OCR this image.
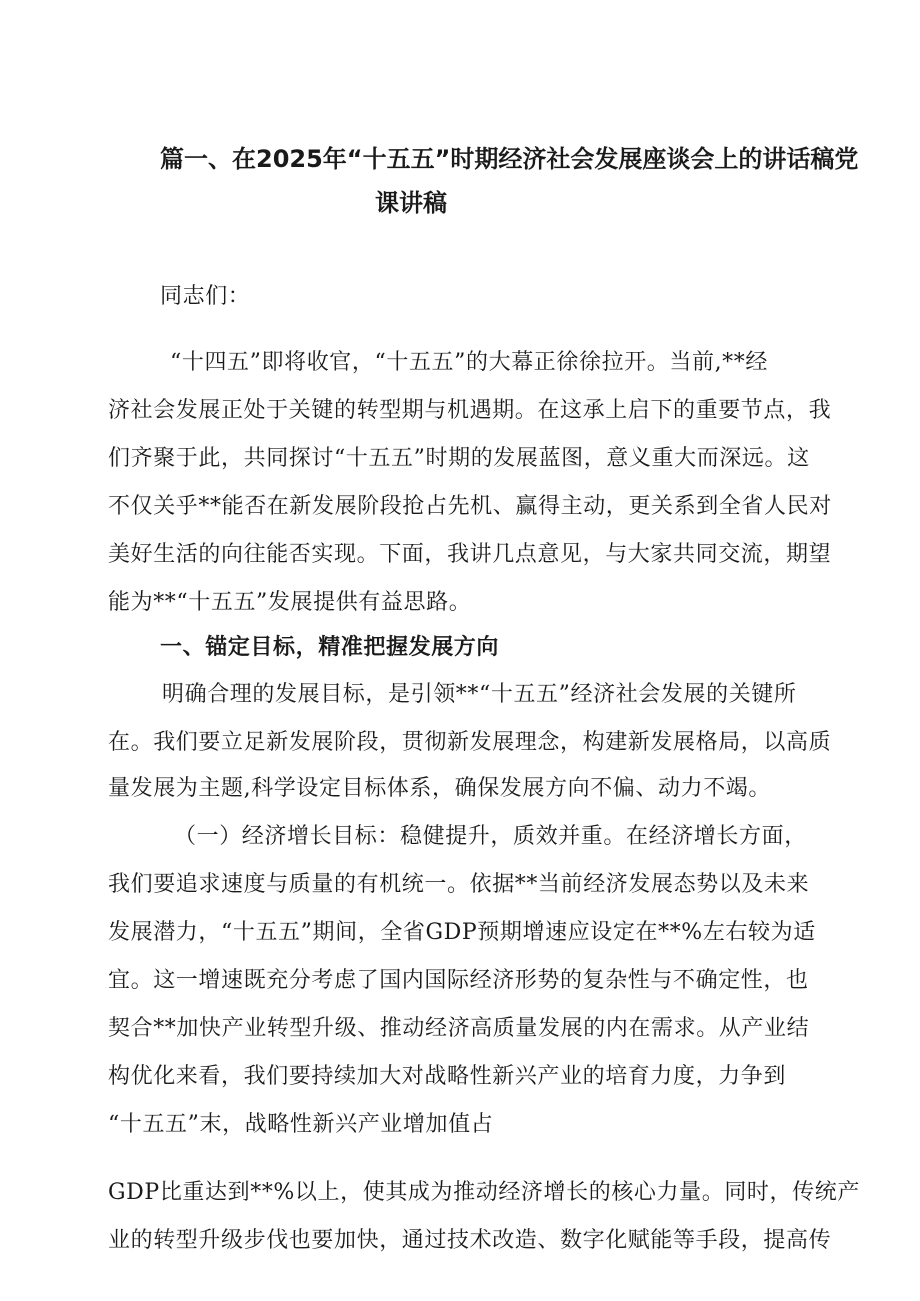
篇一、在2025年“十五五”时期经济社会发展座谈会上的讲话稿党
课讲稿
同志们：
“十四五”即将收官，“十五五”的大幕正徐徐拉开。当前,**经
济社会发展正处于关键的转型期与机遇期。在这承上启下的重要节点，我
们齐聚于此，共同探讨“十五五”时期的发展蓝图，意义重大而深远。这
不仅关乎**能否在新发展阶段抢占先机、赢得主动，更关系到全省人民对
美好生活的向往能否实现。下面，我讲几点意见，与大家共同交流，期望
能为**“十五五”发展提供有益思路。
一、锚定目标，精准把握发展方向
明确合理的发展目标，是引领**“十五五”经济社会发展的关键所
在。我们要立足新发展阶段，贯彻新发展理念，构建新发展格局，以高质
量发展为主题,科学设定目标体系，确保发展方向不偏、动力不竭。
（一）经济增长目标：稳健提升，质效并重。在经济增长方面，
我们要追求速度与质量的有机统一。依据**当前经济发展态势以及未来
发展潜力，“十五五”期间，全省GDP预期增速应设定在**%左右较为适
宜。这一增速既充分考虑了国内国际经济形势的复杂性与不确定性，也
契合**加快产业转型升级、推动经济高质量发展的内在需求。从产业结
构优化来看，我们要持续加大对战略性新兴产业的培育力度，力争到
“十五五”末，战略性新兴产业增加值占
GDP比重达到**%以上，使其成为推动经济增长的核心力量。同时，传统产
业的转型升级步伐也要加快，通过技术改造、数字化赋能等手段，提高传
